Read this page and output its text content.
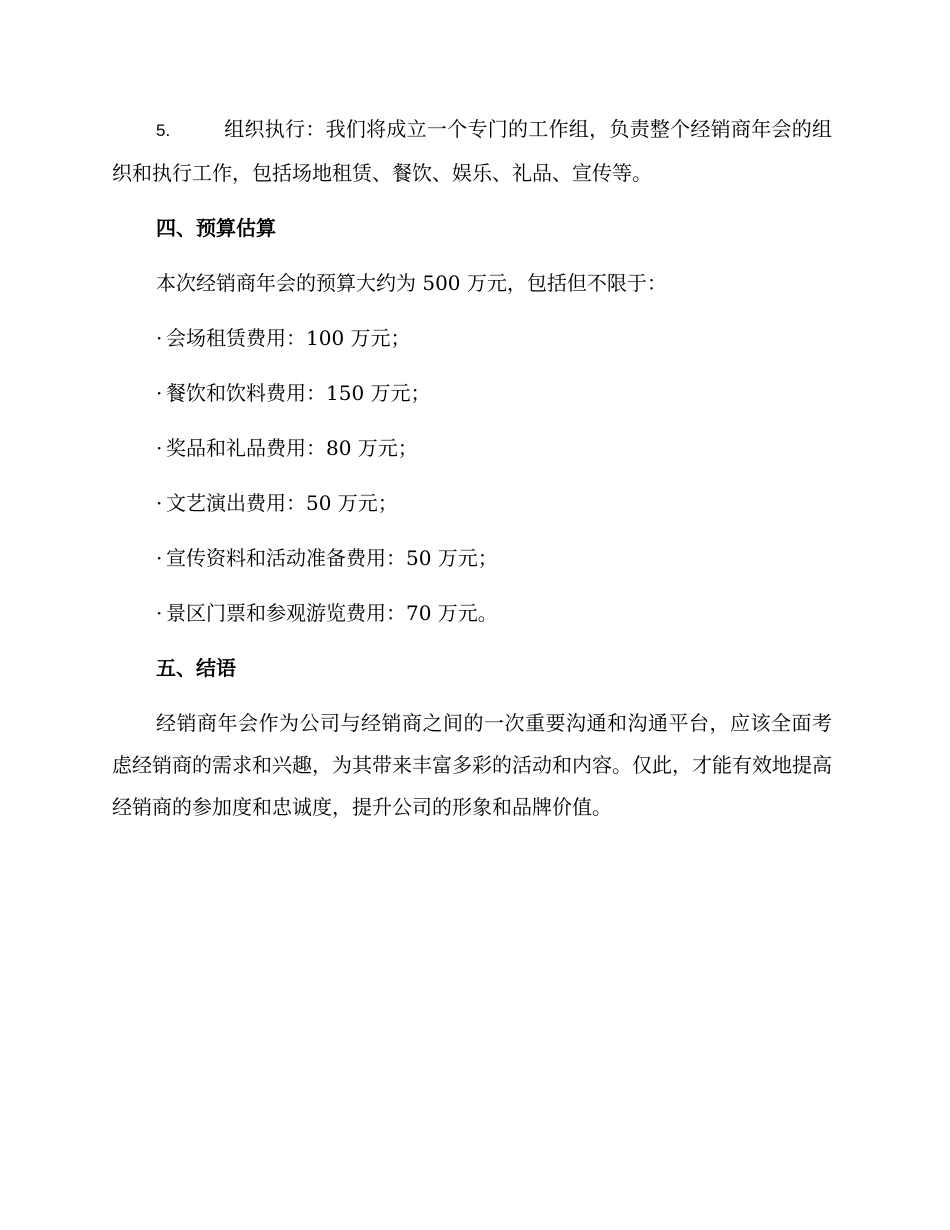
5.	组织执行：我们将成立一个专门的工作组，负责整个经销商年会的组织和执行工作，包括场地租赁、餐饮、娱乐、礼品、宣传等。

四、预算估算

本次经销商年会的预算大约为 500 万元，包括但不限于：

· 会场租赁费用：100 万元；

· 餐饮和饮料费用：150 万元；

· 奖品和礼品费用：80 万元；

· 文艺演出费用：50 万元；

· 宣传资料和活动准备费用：50 万元；

· 景区门票和参观游览费用：70 万元。

五、结语

经销商年会作为公司与经销商之间的一次重要沟通和沟通平台，应该全面考虑经销商的需求和兴趣，为其带来丰富多彩的活动和内容。仅此，才能有效地提高经销商的参加度和忠诚度，提升公司的形象和品牌价值。
